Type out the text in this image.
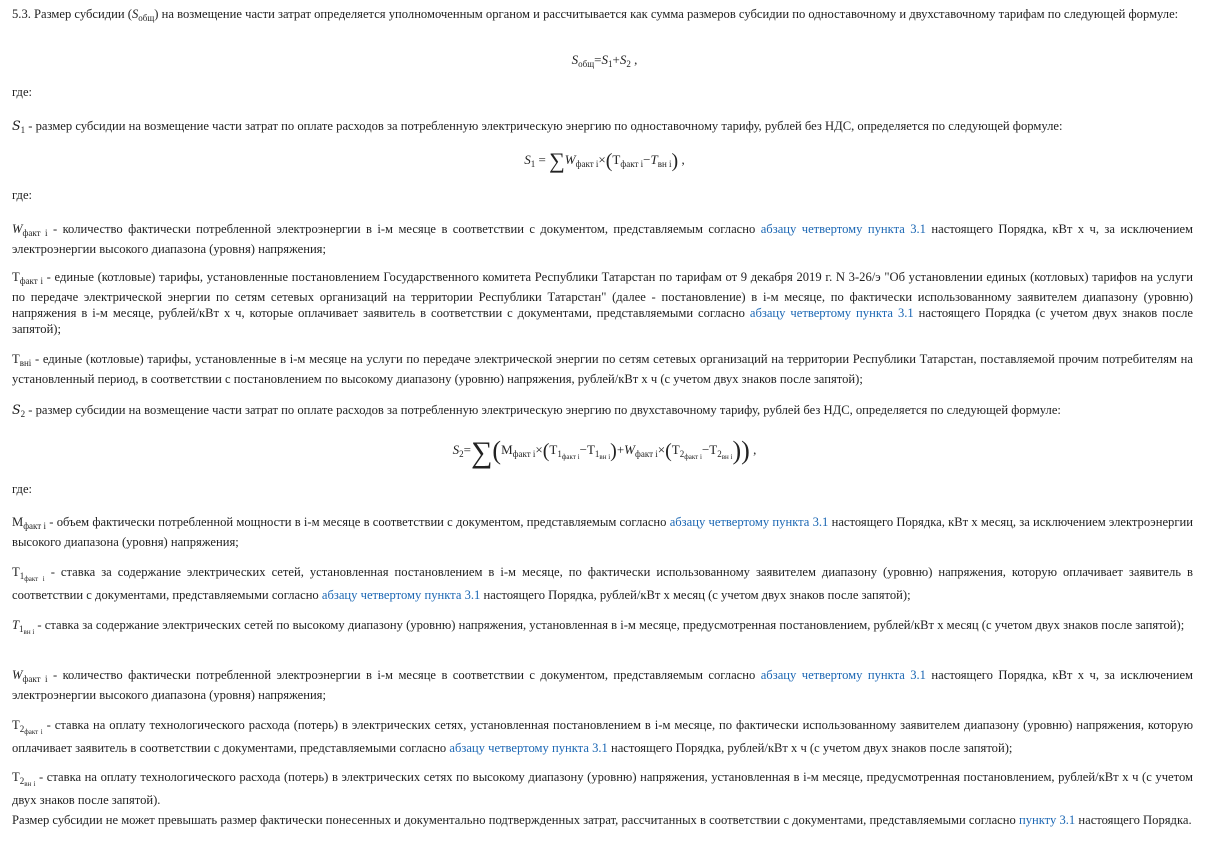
5.3. Размер субсидии $(S_{общ})$ на возмещение части затрат определяется уполномоченным органом и рассчитывается как сумма размеров субсидии по одноставочному и двухставочному тарифам по следующей формуле:

$S_{общ}=S_1+S_2$ ,

где:

$S_1$ - размер субсидии на возмещение части затрат по оплате расходов за потребленную электрическую энергию по одноставочному тарифу, рублей без НДС, определяется по следующей формуле:

$S_1 = \sum W_{факт i}\times(Т_{факт i}-T_{вн i})$ ,

где:

$W_{факт i}$ - количество фактически потребленной электроэнергии в i-м месяце в соответствии с документом, представляемым согласно абзацу четвертому пункта 3.1 настоящего Порядка, кВт х ч, за исключением электроэнергии высокого диапазона (уровня) напряжения;

$Т_{факт i}$ - единые (котловые) тарифы, установленные постановлением Государственного комитета Республики Татарстан по тарифам от 9 декабря 2019 г. N 3-26/э "Об установлении единых (котловых) тарифов на услуги по передаче электрической энергии по сетям сетевых организаций на территории Республики Татарстан" (далее - постановление) в i-м месяце, по фактически использованному заявителем диапазону (уровню) напряжения в i-м месяце, рублей/кВт х ч, которые оплачивает заявитель в соответствии с документами, представляемыми согласно абзацу четвертому пункта 3.1 настоящего Порядка (с учетом двух знаков после запятой);

$Т_{внi}$ - единые (котловые) тарифы, установленные в i-м месяце на услуги по передаче электрической энергии по сетям сетевых организаций на территории Республики Татарстан, поставляемой прочим потребителям на установленный период, в соответствии с постановлением по высокому диапазону (уровню) напряжения, рублей/кВт х ч (с учетом двух знаков после запятой);

$S_2$ - размер субсидии на возмещение части затрат по оплате расходов за потребленную электрическую энергию по двухставочному тарифу, рублей без НДС, определяется по следующей формуле:

$S_2=\sum(М_{факт i}\times(Т_{1факт i}-Т_{1вн i})+W_{факт i}\times(Т_{2факт i}-Т_{2вн i}))$ ,

где:

$М_{факт i}$ - объем фактически потребленной мощности в i-м месяце в соответствии с документом, представляемым согласно абзацу четвертому пункта 3.1 настоящего Порядка, кВт х месяц, за исключением электроэнергии высокого диапазона (уровня) напряжения;

$Т_{1факт i}$ - ставка за содержание электрических сетей, установленная постановлением в i-м месяце, по фактически использованному заявителем диапазону (уровню) напряжения, которую оплачивает заявитель в соответствии с документами, представляемыми согласно абзацу четвертому пункта 3.1 настоящего Порядка, рублей/кВт х месяц (с учетом двух знаков после запятой);

$T_{1вн i}$ - ставка за содержание электрических сетей по высокому диапазону (уровню) напряжения, установленная в i-м месяце, предусмотренная постановлением, рублей/кВт х месяц (с учетом двух знаков после запятой);

$W_{факт i}$ - количество фактически потребленной электроэнергии в i-м месяце в соответствии с документом, представляемым согласно абзацу четвертому пункта 3.1 настоящего Порядка, кВт х ч, за исключением электроэнергии высокого диапазона (уровня) напряжения;

$Т_{2факт i}$ - ставка на оплату технологического расхода (потерь) в электрических сетях, установленная постановлением в i-м месяце, по фактически использованному заявителем диапазону (уровню) напряжения, которую оплачивает заявитель в соответствии с документами, представляемыми согласно абзацу четвертому пункта 3.1 настоящего Порядка, рублей/кВт х ч (с учетом двух знаков после запятой);

$Т_{2вн i}$ - ставка на оплату технологического расхода (потерь) в электрических сетях по высокому диапазону (уровню) напряжения, установленная в i-м месяце, предусмотренная постановлением, рублей/кВт х ч (с учетом двух знаков после запятой).

Размер субсидии не может превышать размер фактически понесенных и документально подтвержденных затрат, рассчитанных в соответствии с документами, представляемыми согласно пункту 3.1 настоящего Порядка.
